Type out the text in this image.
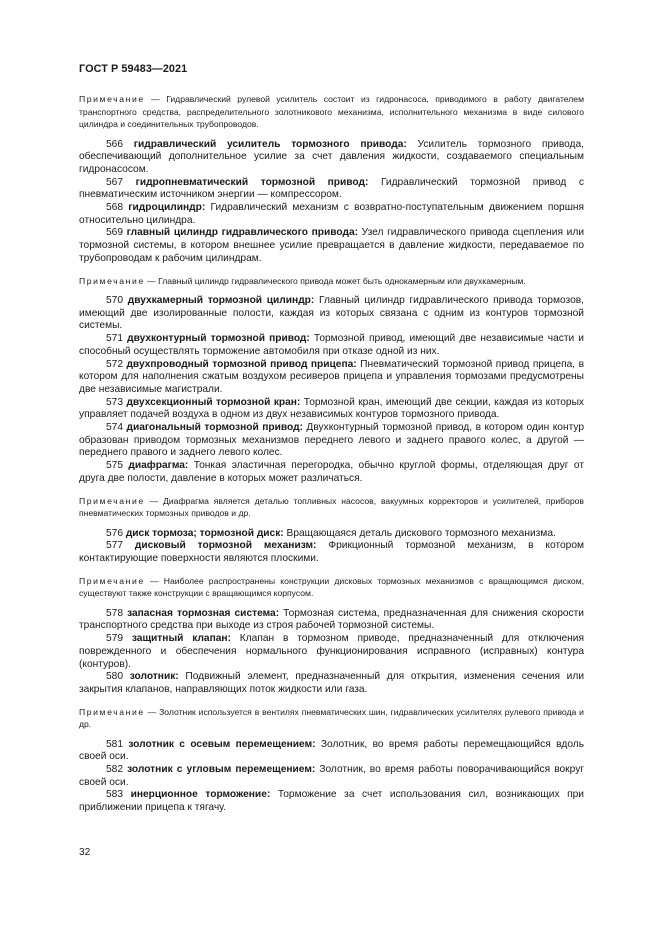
ГОСТ Р 59483—2021

Примечание — Гидравлический рулевой усилитель состоит из гидронасоса, приводимого в работу двигателем транспортного средства, распределительного золотникового механизма, исполнительного механизма в виде силового цилиндра и соединительных трубопроводов.

566 гидравлический усилитель тормозного привода: Усилитель тормозного привода, обеспечивающий дополнительное усилие за счет давления жидкости, создаваемого специальным гидронасосом.

567 гидропневматический тормозной привод: Гидравлический тормозной привод с пневматическим источником энергии — компрессором.

568 гидроцилиндр: Гидравлический механизм с возвратно-поступательным движением поршня относительно цилиндра.

569 главный цилиндр гидравлического привода: Узел гидравлического привода сцепления или тормозной системы, в котором внешнее усилие превращается в давление жидкости, передаваемое по трубопроводам к рабочим цилиндрам.

Примечание — Главный цилиндр гидравлического привода может быть однокамерным или двухкамерным.

570 двухкамерный тормозной цилиндр: Главный цилиндр гидравлического привода тормозов, имеющий две изолированные полости, каждая из которых связана с одним из контуров тормозной системы.

571 двухконтурный тормозной привод: Тормозной привод, имеющий две независимые части и способный осуществлять торможение автомобиля при отказе одной из них.

572 двухпроводный тормозной привод прицепа: Пневматический тормозной привод прицепа, в котором для наполнения сжатым воздухом ресиверов прицепа и управления тормозами предусмотрены две независимые магистрали.

573 двухсекционный тормозной кран: Тормозной кран, имеющий две секции, каждая из которых управляет подачей воздуха в одном из двух независимых контуров тормозного привода.

574 диагональный тормозной привод: Двухконтурный тормозной привод, в котором один контур образован приводом тормозных механизмов переднего левого и заднего правого колес, а другой — переднего правого и заднего левого колес.

575 диафрагма: Тонкая эластичная перегородка, обычно круглой формы, отделяющая друг от друга две полости, давление в которых может различаться.

Примечание — Диафрагма является деталью топливных насосов, вакуумных корректоров и усилителей, приборов пневматических тормозных приводов и др.

576 диск тормоза; тормозной диск: Вращающаяся деталь дискового тормозного механизма.

577 дисковый тормозной механизм: Фрикционный тормозной механизм, в котором контактирующие поверхности являются плоскими.

Примечание — Наиболее распространены конструкции дисковых тормозных механизмов с вращающимся диском, существуют также конструкции с вращающимся корпусом.

578 запасная тормозная система: Тормозная система, предназначенная для снижения скорости транспортного средства при выходе из строя рабочей тормозной системы.

579 защитный клапан: Клапан в тормозном приводе, предназначенный для отключения поврежденного и обеспечения нормального функционирования исправного (исправных) контура (контуров).

580 золотник: Подвижный элемент, предназначенный для открытия, изменения сечения или закрытия клапанов, направляющих поток жидкости или газа.

Примечание — Золотник используется в вентилях пневматических шин, гидравлических усилителях рулевого привода и др.

581 золотник с осевым перемещением: Золотник, во время работы перемещающийся вдоль своей оси.

582 золотник с угловым перемещением: Золотник, во время работы поворачивающийся вокруг своей оси.

583 инерционное торможение: Торможение за счет использования сил, возникающих при приближении прицепа к тягачу.

32
